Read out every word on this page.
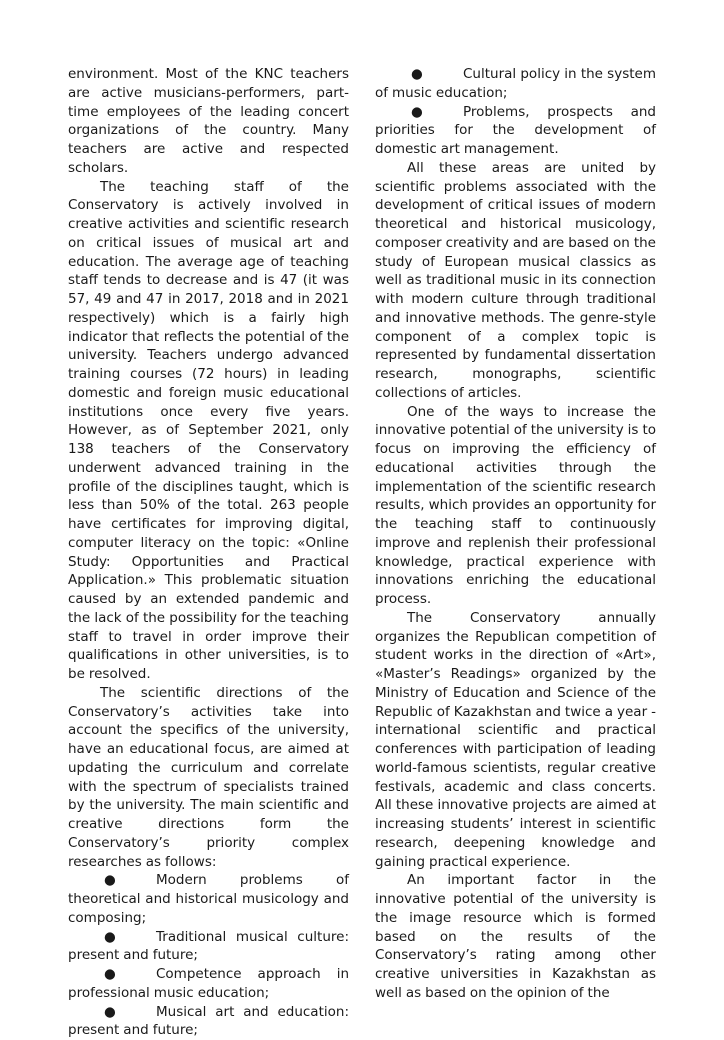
environment. Most of the KNC teachers are active musicians-performers, part-time employees of the leading concert organizations of the country. Many teachers are active and respected scholars.

The teaching staff of the Conservatory is actively involved in creative activities and scientific research on critical issues of musical art and education. The average age of teaching staff tends to decrease and is 47 (it was 57, 49 and 47 in 2017, 2018 and in 2021 respectively) which is a fairly high indicator that reflects the potential of the university. Teachers undergo advanced training courses (72 hours) in leading domestic and foreign music educational institutions once every five years. However, as of September 2021, only 138 teachers of the Conservatory underwent advanced training in the profile of the disciplines taught, which is less than 50% of the total. 263 people have certificates for improving digital, computer literacy on the topic: «Online Study: Opportunities and Practical Application.» This problematic situation caused by an extended pandemic and the lack of the possibility for the teaching staff to travel in order improve their qualifications in other universities, is to be resolved.

The scientific directions of the Conservatory’s activities take into account the specifics of the university, have an educational focus, are aimed at updating the curriculum and correlate with the spectrum of specialists trained by the university. The main scientific and creative directions form the Conservatory’s priority complex researches as follows:

●	Modern problems of theoretical and historical musicology and composing;

●	Traditional musical culture: present and future;

●	Competence approach in professional music education;

●	Musical art and education: present and future;

●	Cultural policy in the system of music education;

●	Problems, prospects and priorities for the development of domestic art management.

All these areas are united by scientific problems associated with the development of critical issues of modern theoretical and historical musicology, composer creativity and are based on the study of European musical classics as well as traditional music in its connection with modern culture through traditional and innovative methods. The genre-style component of a complex topic is represented by fundamental dissertation research, monographs, scientific collections of articles.

One of the ways to increase the innovative potential of the university is to focus on improving the efficiency of educational activities through the implementation of the scientific research results, which provides an opportunity for the teaching staff to continuously improve and replenish their professional knowledge, practical experience with innovations enriching the educational process.

The Conservatory annually organizes the Republican competition of student works in the direction of «Art», «Master’s Readings» organized by the Ministry of Education and Science of the Republic of Kazakhstan and twice a year - international scientific and practical conferences with participation of leading world-famous scientists, regular creative festivals, academic and class concerts. All these innovative projects are aimed at increasing students’ interest in scientific research, deepening knowledge and gaining practical experience.

An important factor in the innovative potential of the university is the image resource which is formed based on the results of the Conservatory’s rating among other creative universities in Kazakhstan as well as based on the opinion of the
